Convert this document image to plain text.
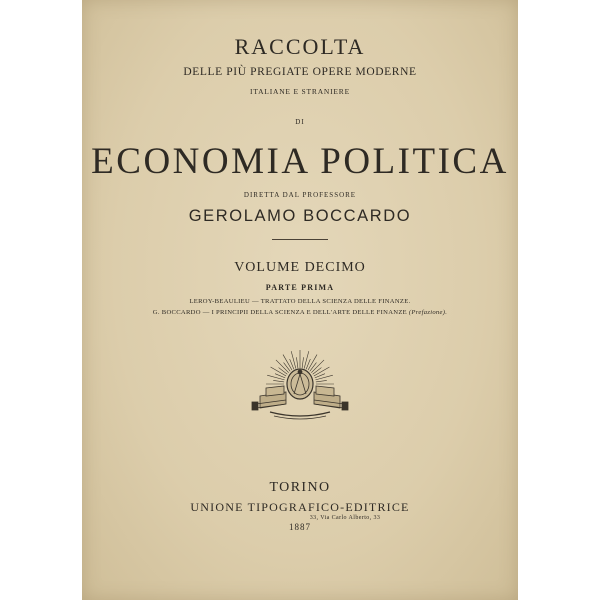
RACCOLTA
DELLE PIÙ PREGIATE OPERE MODERNE
ITALIANE E STRANIERE
DI
ECONOMIA POLITICA
DIRETTA DAL PROFESSORE
GEROLAMO BOCCARDO
VOLUME DECIMO
PARTE PRIMA
LEROY-BEAULIEU — TRATTATO DELLA SCIENZA DELLE FINANZE.
G. BOCCARDO — I PRINCIPII DELLA SCIENZA E DELL'ARTE DELLE FINANZE (Prefazione).
TORINO
UNIONE TIPOGRAFICO-EDITRICE
33, Via Carlo Alberto, 33
1887
